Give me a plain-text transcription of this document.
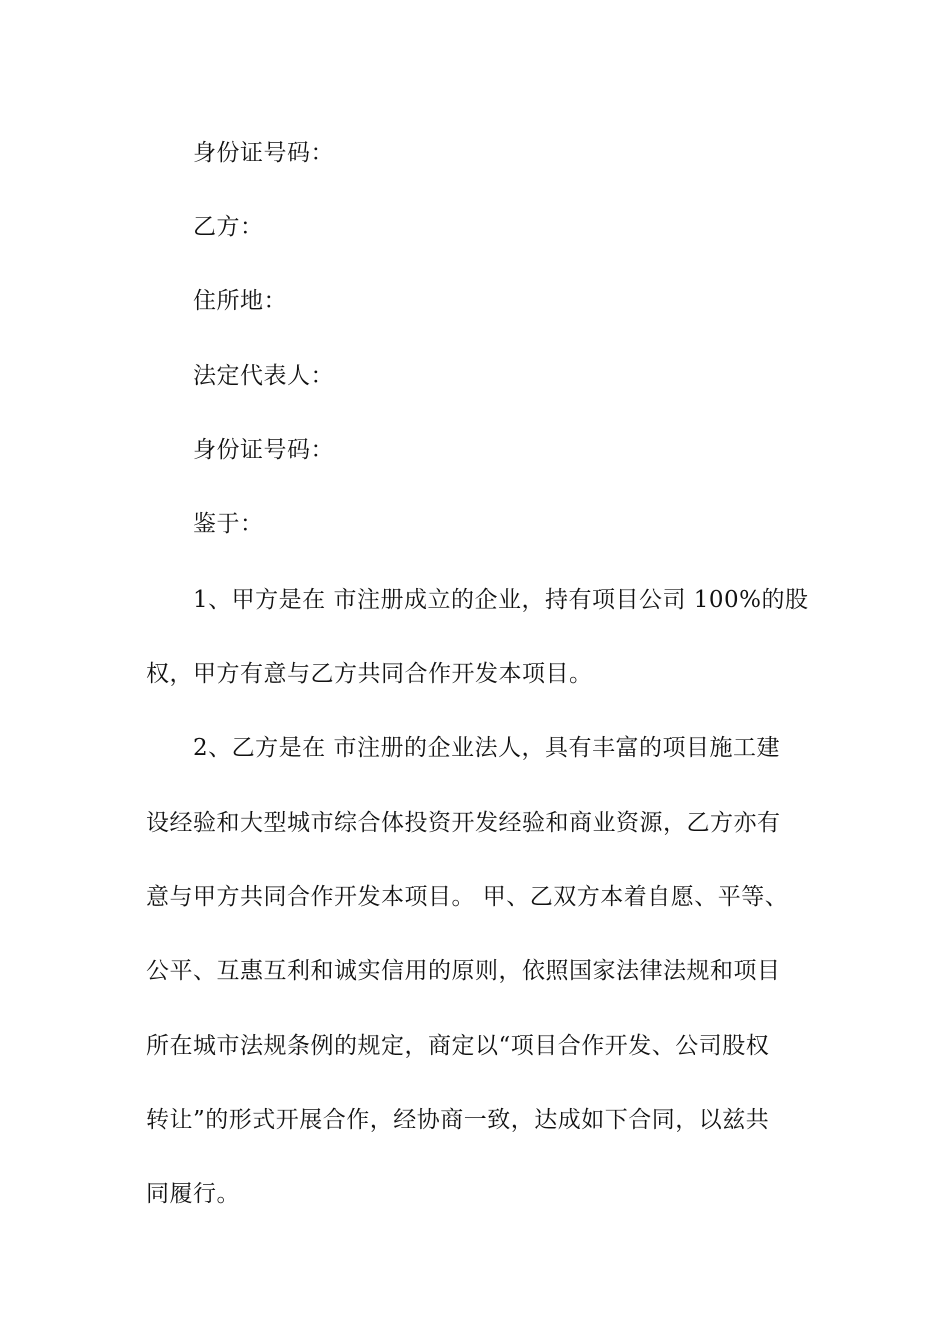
身份证号码：
乙方：
住所地：
法定代表人：
身份证号码：
鉴于：
1、甲方是在 市注册成立的企业，持有项目公司 100%的股
权，甲方有意与乙方共同合作开发本项目。
2、乙方是在 市注册的企业法人，具有丰富的项目施工建
设经验和大型城市综合体投资开发经验和商业资源，乙方亦有
意与甲方共同合作开发本项目。 甲、乙双方本着自愿、平等、
公平、互惠互利和诚实信用的原则，依照国家法律法规和项目
所在城市法规条例的规定，商定以“项目合作开发、公司股权
转让”的形式开展合作，经协商一致，达成如下合同，以兹共
同履行。
